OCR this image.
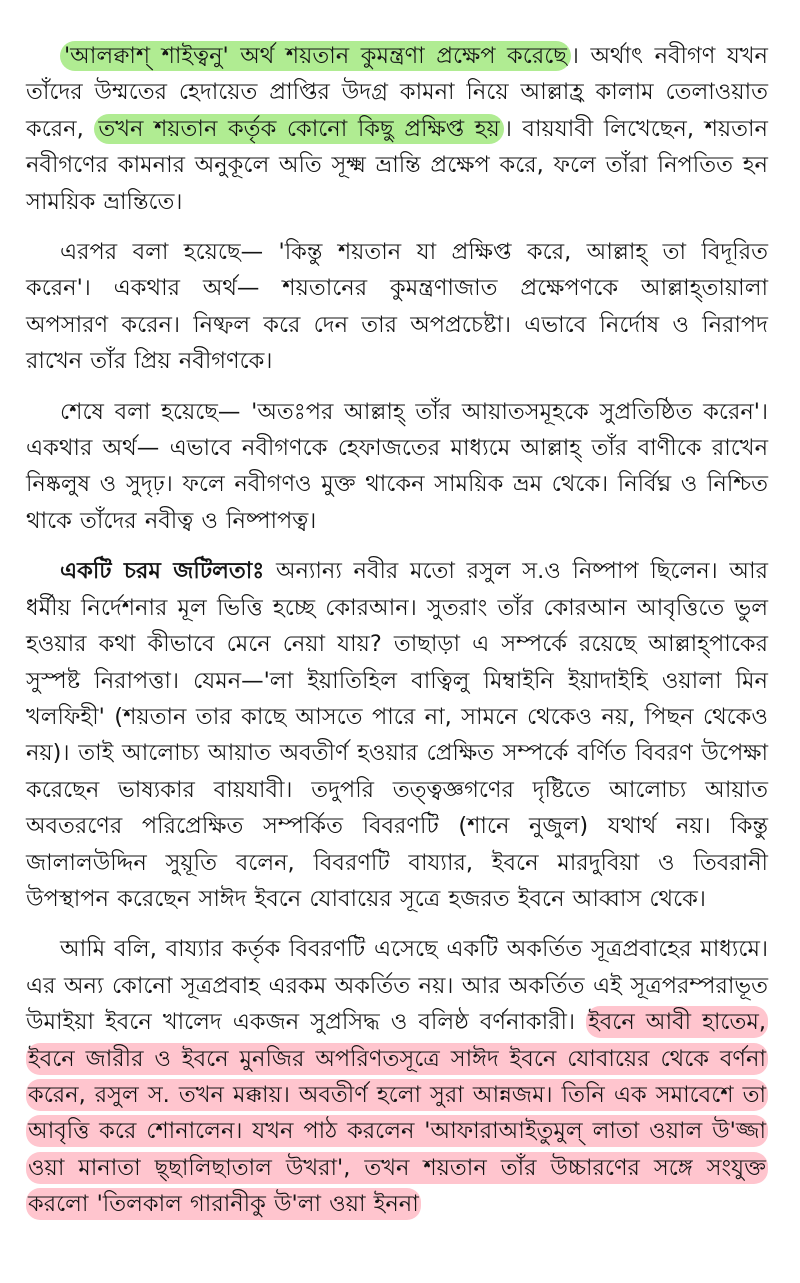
'আলক্বাশ্ শাইত্বনু' অর্থ শয়তান কুমন্ত্রণা প্রক্ষেপ করেছে । অর্থাৎ নবীগণ যখন তাঁদের উম্মতের হেদায়েত প্রাপ্তির উদগ্র কামনা নিয়ে আল্লাহ্র কালাম তেলাওয়াত করেন, তখন শয়তান কর্তৃক কোনো কিছু প্রক্ষিপ্ত হয় । বায়যাবী লিখেছেন, শয়তান নবীগণের কামনার অনুকূলে অতি সূক্ষ্ম ভ্রান্তি প্রক্ষেপ করে, ফলে তাঁরা নিপতিত হন সাময়িক ভ্রান্তিতে।

এরপর বলা হয়েছে— 'কিন্তু শয়তান যা প্রক্ষিপ্ত করে, আল্লাহ্ তা বিদূরিত করেন'। একথার অর্থ— শয়তানের কুমন্ত্রণাজাত প্রক্ষেপণকে আল্লাহ্তায়ালা অপসারণ করেন। নিষ্ফল করে দেন তার অপপ্রচেষ্টা। এভাবে নির্দোষ ও নিরাপদ রাখেন তাঁর প্রিয় নবীগণকে।

শেষে বলা হয়েছে— 'অতঃপর আল্লাহ্ তাঁর আয়াতসমূহকে সুপ্রতিষ্ঠিত করেন'। একথার অর্থ— এভাবে নবীগণকে হেফাজতের মাধ্যমে আল্লাহ্ তাঁর বাণীকে রাখেন নিষ্কলুষ ও সুদৃঢ়। ফলে নবীগণও মুক্ত থাকেন সাময়িক ভ্রম থেকে। নির্বিঘ্ন ও নিশ্চিত থাকে তাঁদের নবীত্ব ও নিষ্পাপত্ব।

একটি চরম জটিলতাঃ অন্যান্য নবীর মতো রসুল স.ও নিষ্পাপ ছিলেন। আর ধর্মীয় নির্দেশনার মূল ভিত্তি হচ্ছে কোরআন। সুতরাং তাঁর কোরআন আবৃত্তিতে ভুল হওয়ার কথা কীভাবে মেনে নেয়া যায়? তাছাড়া এ সম্পর্কে রয়েছে আল্লাহ্পাকের সুস্পষ্ট নিরাপত্তা। যেমন—'লা ইয়াতিহিল বাত্বিলু মিম্বাইনি ইয়াদাইহি ওয়ালা মিন খলফিহী' (শয়তান তার কাছে আসতে পারে না, সামনে থেকেও নয়, পিছন থেকেও নয়)। তাই আলোচ্য আয়াত অবতীর্ণ হওয়ার প্রেক্ষিত সম্পর্কে বর্ণিত বিবরণ উপেক্ষা করেছেন ভাষ্যকার বায়যাবী। তদুপরি তত্ত্বজ্ঞগণের দৃষ্টিতে আলোচ্য আয়াত অবতরণের পরিপ্রেক্ষিত সম্পর্কিত বিবরণটি (শানে নুজুল) যথার্থ নয়। কিন্তু জালালউদ্দিন সুয়ূতি বলেন, বিবরণটি বায্যার, ইবনে মারদুবিয়া ও তিবরানী উপস্থাপন করেছেন সাঈদ ইবনে যোবায়ের সূত্রে হজরত ইবনে আব্বাস থেকে।

আমি বলি, বায্যার কর্তৃক বিবরণটি এসেছে একটি অকর্তিত সূত্রপ্রবাহের মাধ্যমে। এর অন্য কোনো সূত্রপ্রবাহ এরকম অকর্তিত নয়। আর অকর্তিত এই সূত্রপরম্পরাভূত উমাইয়া ইবনে খালেদ একজন সুপ্রসিদ্ধ ও বলিষ্ঠ বর্ণনাকারী। ইবনে আবী হাতেম, ইবনে জারীর ও ইবনে মুনজির অপরিণতসূত্রে সাঈদ ইবনে যোবায়ের থেকে বর্ণনা করেন, রসুল স. তখন মক্কায়। অবতীর্ণ হলো সুরা আন্নজম। তিনি এক সমাবেশে তা আবৃত্তি করে শোনালেন। যখন পাঠ করলেন 'আফারাআইতুমুল্ লাতা ওয়াল উ'জ্জা ওয়া মানাতা ছ্ছালিছাতাল উখরা', তখন শয়তান তাঁর উচ্চারণের সঙ্গে সংযুক্ত করলো 'তিলকাল গারানীকু উ'লা ওয়া ইননা
